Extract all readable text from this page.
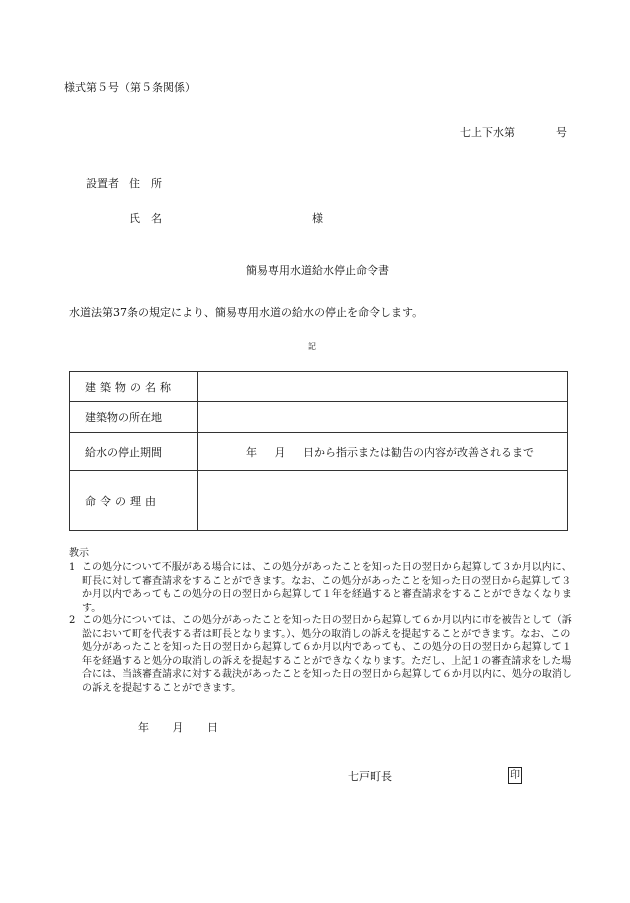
様式第５号（第５条関係）
七上下水第	号
設置者 住　所
氏　名	様
簡易専用水道給水停止命令書
水道法第37条の規定により、簡易専用水道の給水の停止を命令します。
記
建築物の名称	
建築物の所在地	
給水の停止期間	年 月 日から指示または勧告の内容が改善されるまで
命令の理由	
教示
1 この処分について不服がある場合には、この処分があったことを知った日の翌日から起算して３か月以内に、町長に対して審査請求をすることができます。なお、この処分があったことを知った日の翌日から起算して３か月以内であってもこの処分の日の翌日から起算して１年を経過すると審査請求をすることができなくなります。
2 この処分については、この処分があったことを知った日の翌日から起算して６か月以内に市を被告として（訴訟において町を代表する者は町長となります。）、処分の取消しの訴えを提起することができます。なお、この処分があったことを知った日の翌日から起算して６か月以内であっても、この処分の日の翌日から起算して１年を経過すると処分の取消しの訴えを提起することができなくなります。ただし、上記１の審査請求をした場合には、当該審査請求に対する裁決があったことを知った日の翌日から起算して６か月以内に、処分の取消しの訴えを提起することができます。
年 月 日
七戸町長	印
